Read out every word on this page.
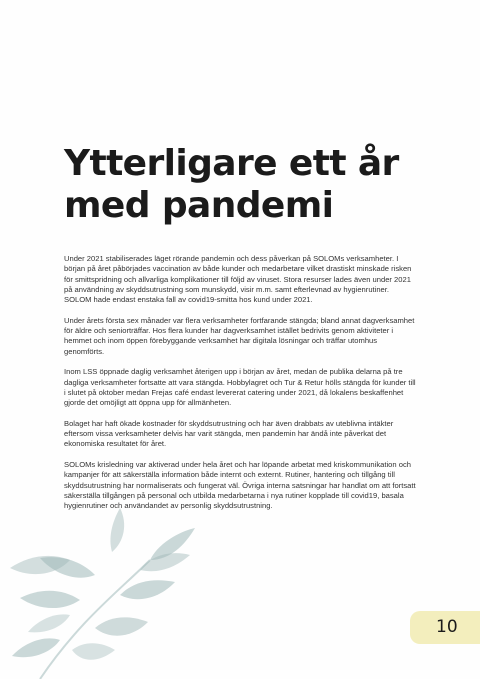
Ytterligare ett år
med pandemi

Under 2021 stabiliserades läget rörande pandemin och dess påverkan på SOLOMs verksamheter. I början på året påbörjades vaccination av både kunder och medarbetare vilket drastiskt minskade risken för smittspridning och allvarliga komplikationer till följd av viruset. Stora resurser lades även under 2021 på användning av skyddsutrustning som munskydd, visir m.m. samt efterlevnad av hygienrutiner. SOLOM hade endast enstaka fall av covid19-smitta hos kund under 2021.

Under årets första sex månader var flera verksamheter fortfarande stängda; bland annat dagverksamhet för äldre och seniorträffar. Hos flera kunder har dagverksamhet istället bedrivits genom aktiviteter i hemmet och inom öppen förebyggande verksamhet har digitala lösningar och träffar utomhus genomförts.

Inom LSS öppnade daglig verksamhet återigen upp i början av året, medan de publika delarna på tre dagliga verksamheter fortsatte att vara stängda. Hobbylagret och Tur & Retur hölls stängda för kunder till i slutet på oktober medan Frejas café endast levererat catering under 2021, då lokalens beskaffenhet gjorde det omöjligt att öppna upp för allmänheten.

Bolaget har haft ökade kostnader för skyddsutrustning och har även drabbats av uteblivna intäkter eftersom vissa verksamheter delvis har varit stängda, men pandemin har ändå inte påverkat det ekonomiska resultatet för året.

SOLOMs krisledning var aktiverad under hela året och har löpande arbetat med kriskommunikation och kampanjer för att säkerställa information både internt och externt. Rutiner, hantering och tillgång till skyddsutrustning har normaliserats och fungerat väl. Övriga interna satsningar har handlat om att fortsatt säkerställa tillgången på personal och utbilda medarbetarna i nya rutiner kopplade till covid19, basala hygienrutiner och användandet av personlig skyddsutrustning.

10
